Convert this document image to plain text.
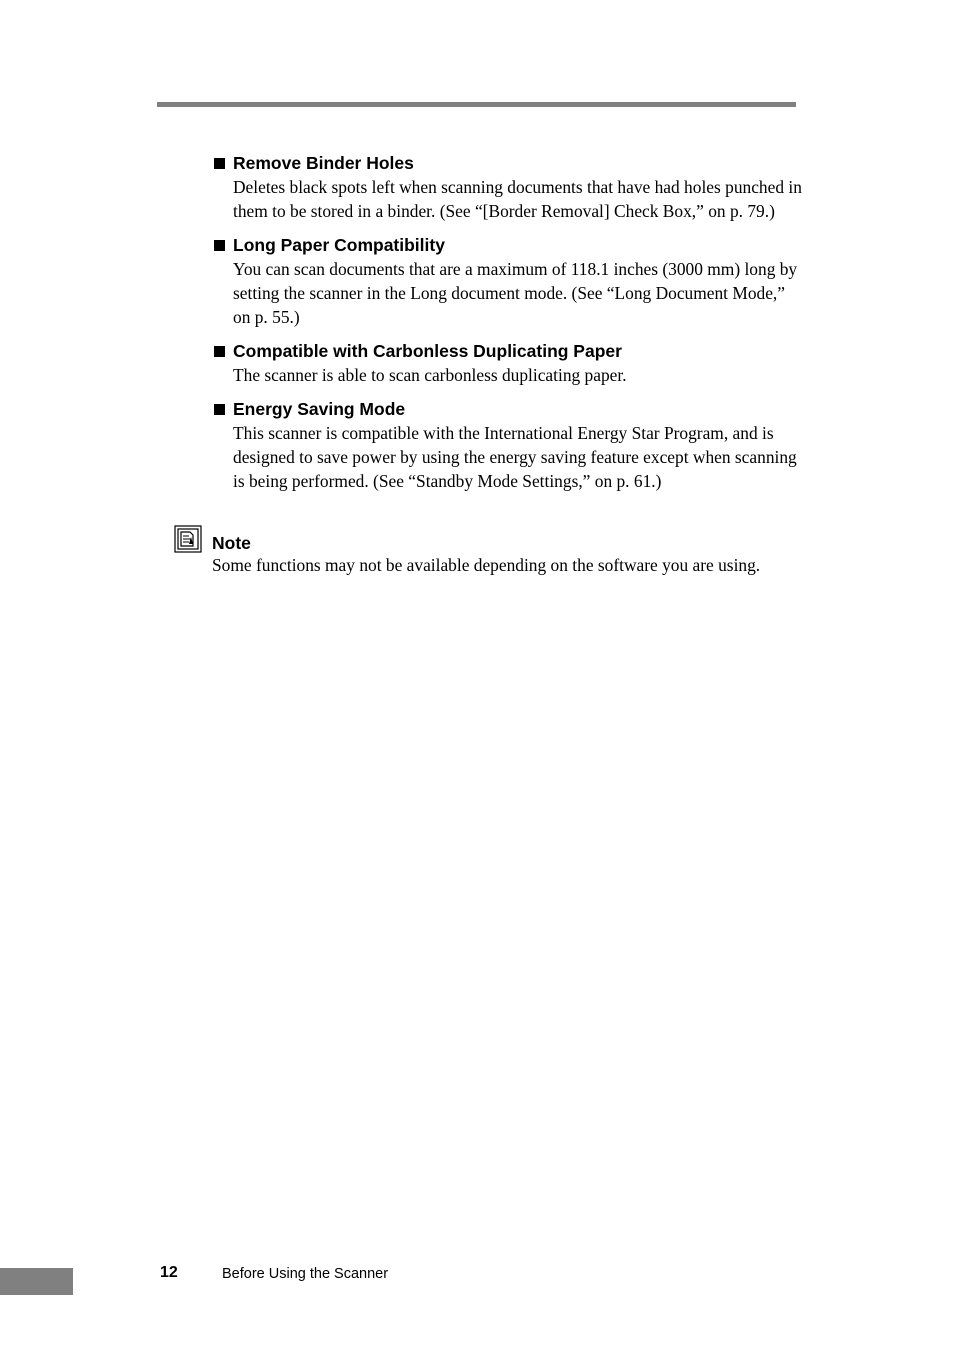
Remove Binder Holes
Deletes black spots left when scanning documents that have had holes punched in them to be stored in a binder. (See “[Border Removal] Check Box,” on p. 79.)
Long Paper Compatibility
You can scan documents that are a maximum of 118.1 inches (3000 mm) long by setting the scanner in the Long document mode. (See “Long Document Mode,” on p. 55.)
Compatible with Carbonless Duplicating Paper
The scanner is able to scan carbonless duplicating paper.
Energy Saving Mode
This scanner is compatible with the International Energy Star Program, and is designed to save power by using the energy saving feature except when scanning is being performed. (See “Standby Mode Settings,” on p. 61.)
Note
Some functions may not be available depending on the software you are using.
12	Before Using the Scanner
